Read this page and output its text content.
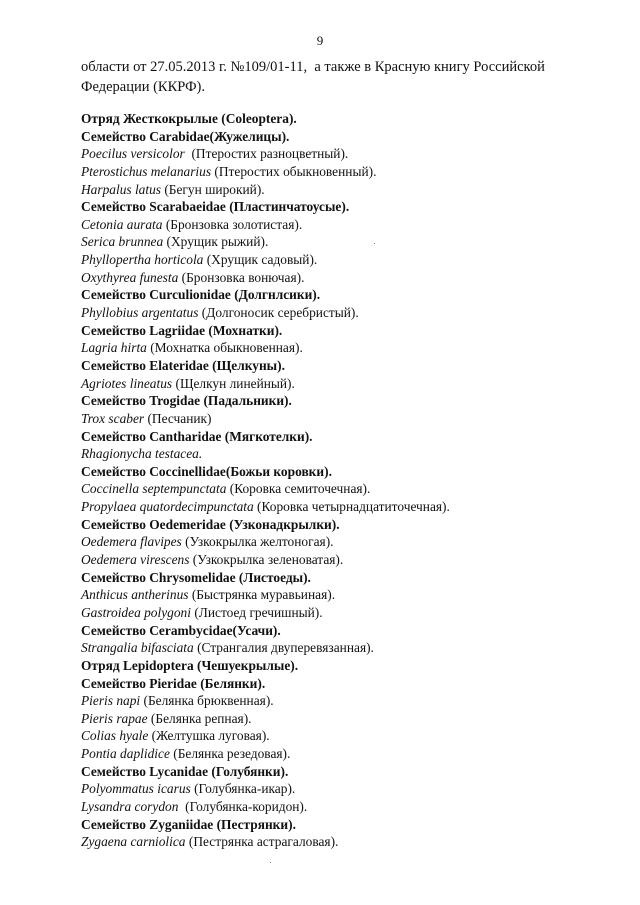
9
области от 27.05.2013 г. №109/01-11,  а также в Красную книгу Российской
Федерации (ККРФ).
Отряд Жесткокрылые (Coleoptera).
Семейство Carabidae(Жужелицы).
Poecilus versicolor  (Птеростих разноцветный).
Pterostichus melanarius (Птеростих обыкновенный).
Harpalus latus (Бегун широкий).
Семейство Scarabaeidae (Пластинчатоусые).
Cetonia aurata (Бронзовка золотистая).
Serica brunnea (Хрущик рыжий).
Phyllopertha horticola (Хрущик садовый).
Oxythyrea funesta (Бронзовка вонючая).
Семейство Curculionidae (Долгнлсики).
Phyllobius argentatus (Долгоносик серебристый).
Семейство Lagriidae (Мохнатки).
Lagria hirta (Мохнатка обыкновенная).
Семейство Elateridae (Щелкуны).
Agriotes lineatus (Щелкун линейный).
Семейство Trogidae (Падальники).
Trox scaber (Песчаник)
Семейство Cantharidae (Мягкотелки).
Rhagionycha testacea.
Семейство Coccinellidae(Божьи коровки).
Coccinella septempunctata (Коровка семиточечная).
Propylaea quatordecimpunctata (Коровка четырнадцатиточечная).
Семейство Oedemeridae (Узконадкрылки).
Oedemera flavipes (Узкокрылка желтоногая).
Oedemera virescens (Узкокрылка зеленоватая).
Семейство Chrysomelidae (Листоеды).
Anthicus antherinus (Быстрянка муравьиная).
Gastroidea polygoni (Листоед гречишный).
Семейство Cerambycidae(Усачи).
Strangalia bifasciata (Странгалия двуперевязанная).
Отряд Lepidoptera (Чешуекрылые).
Семейство Pieridae (Белянки).
Pieris napi (Белянка брюквенная).
Pieris rapae (Белянка репная).
Colias hyale (Желтушка луговая).
Pontia daplidice (Белянка резедовая).
Семейство Lycanidae (Голубянки).
Polyommatus icarus (Голубянка-икар).
Lysandra corydon  (Голубянка-коридон).
Семейство Zyganiidae (Пестрянки).
Zygaena carniolica (Пестрянка астрагаловая).
